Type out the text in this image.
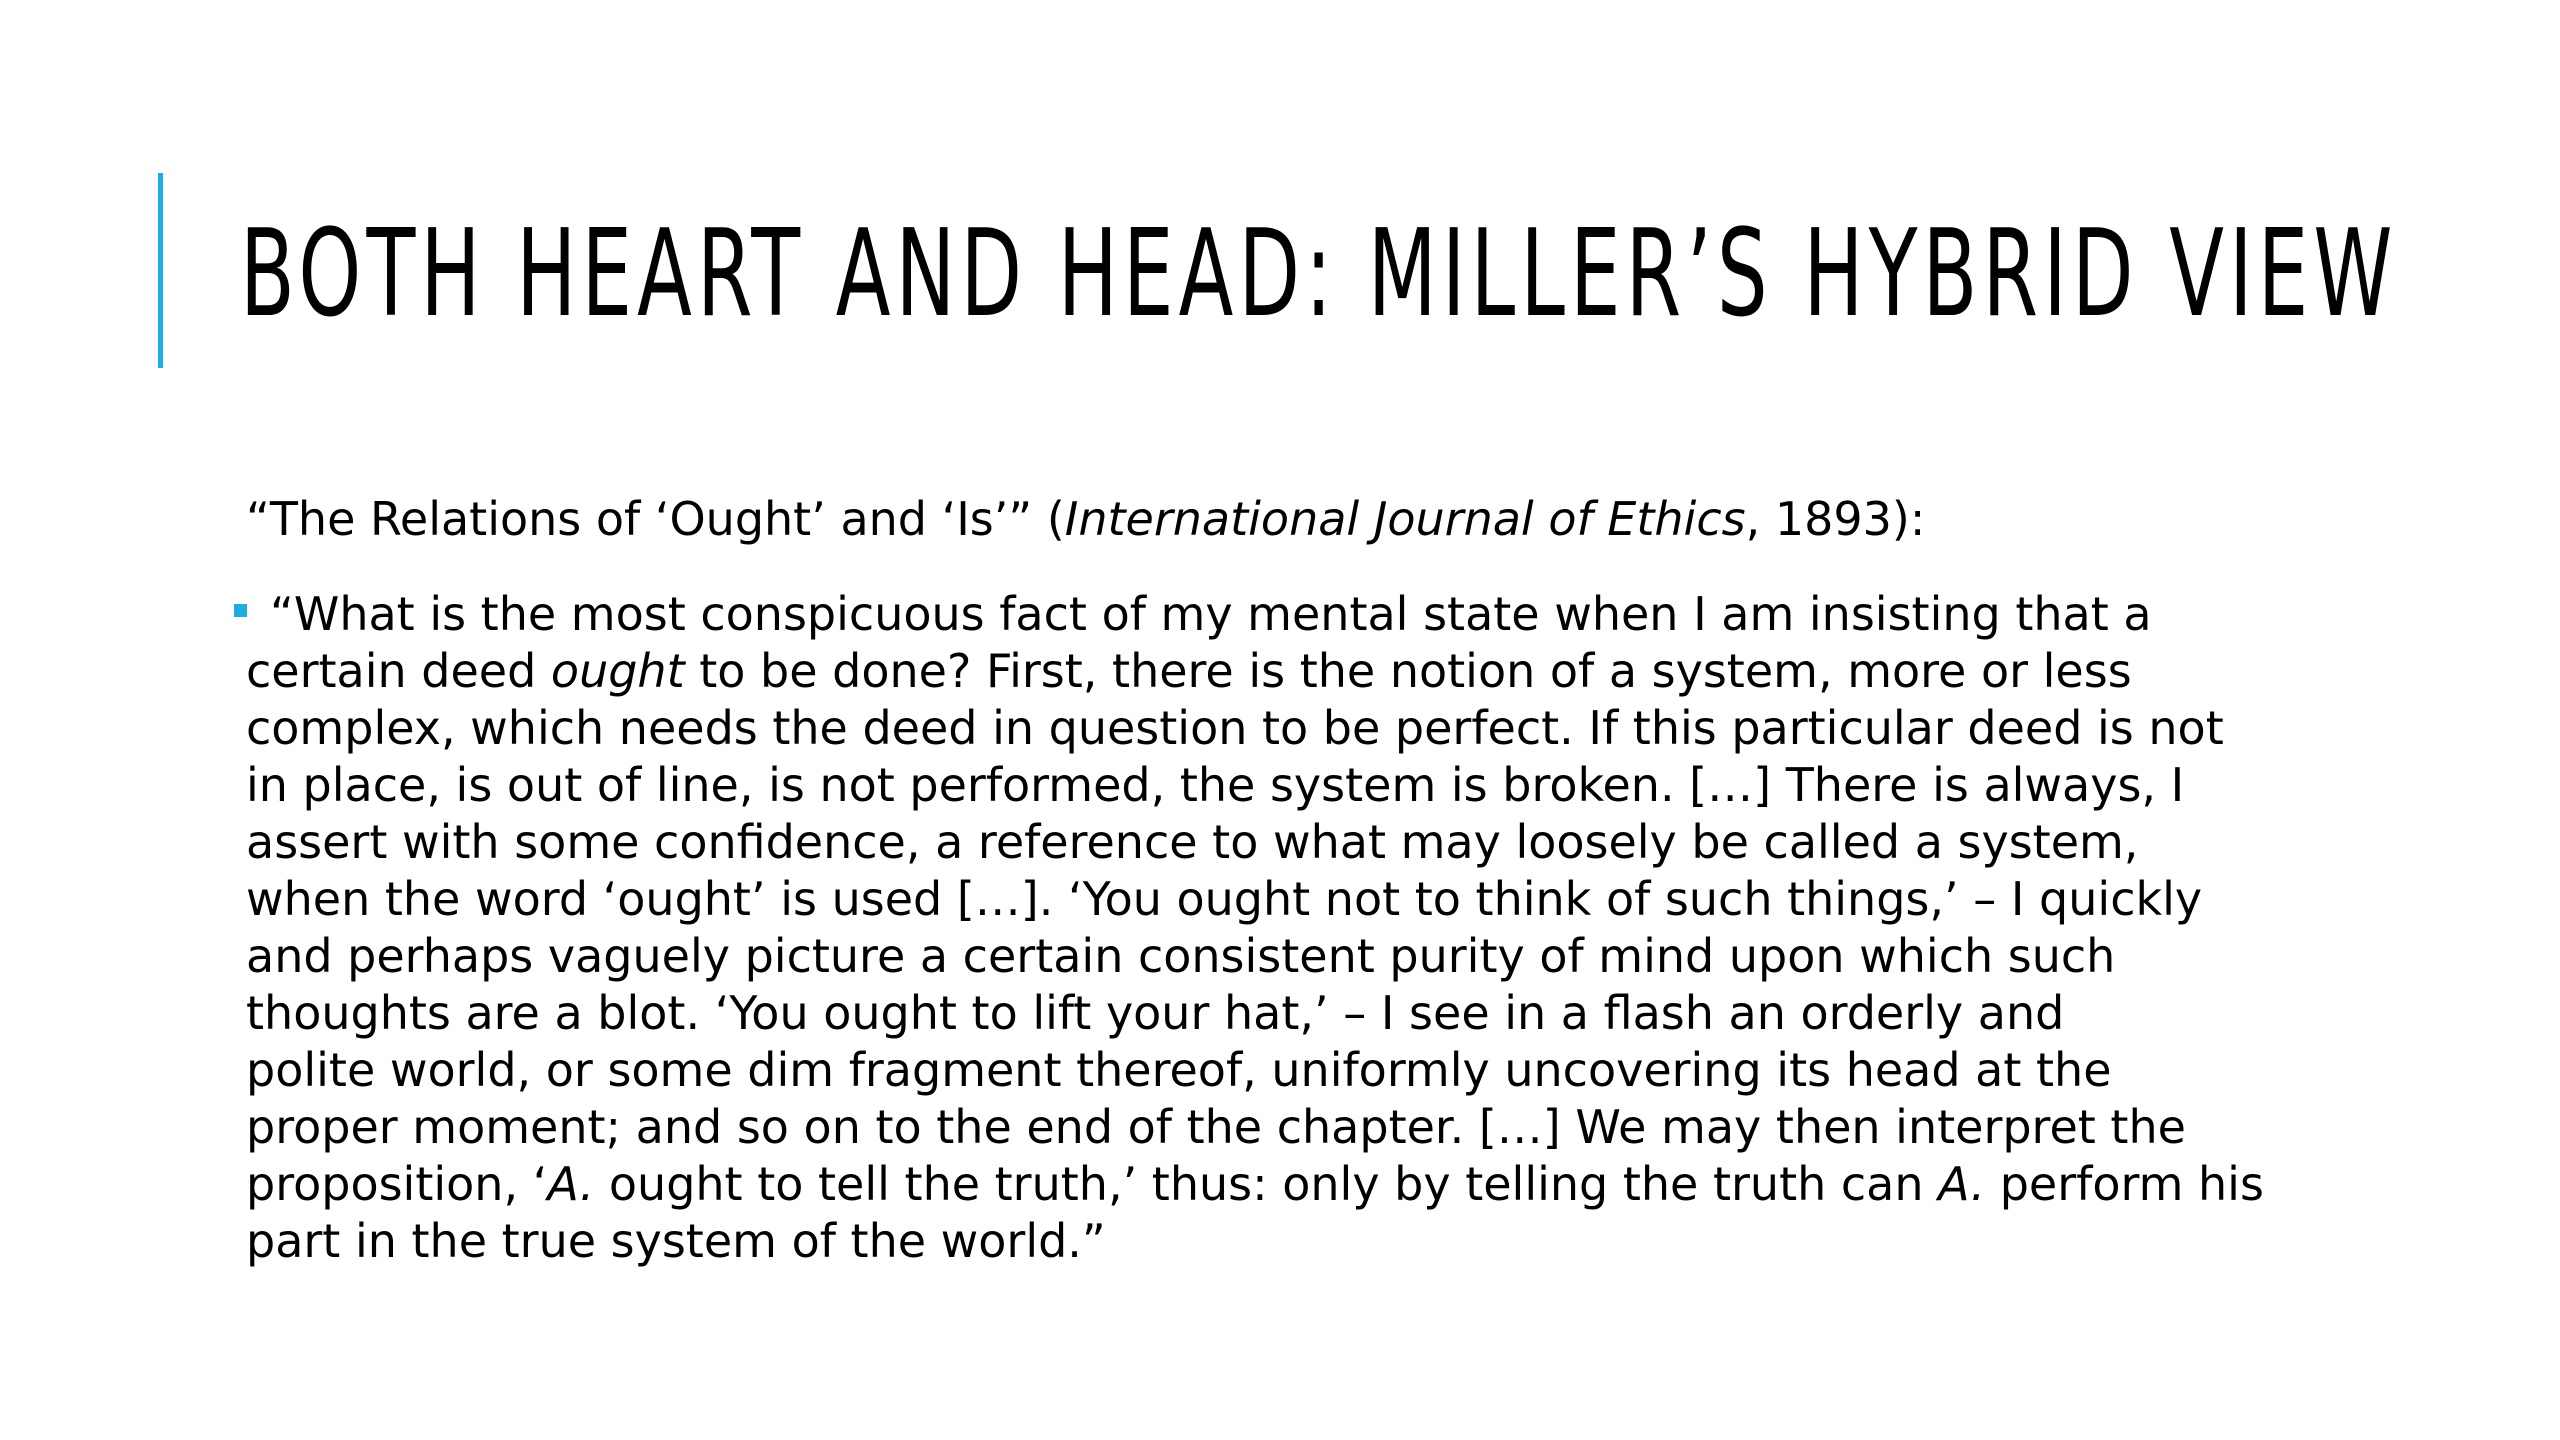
BOTH HEART AND HEAD: MILLER’S HYBRID VIEW
“The Relations of ‘Ought’ and ‘Is’” (International Journal of Ethics, 1893):
“What is the most conspicuous fact of my mental state when I am insisting that a
certain deed ought to be done? First, there is the notion of a system, more or less
complex, which needs the deed in question to be perfect. If this particular deed is not
in place, is out of line, is not performed, the system is broken. […] There is always, I
assert with some confidence, a reference to what may loosely be called a system,
when the word ‘ought’ is used […]. ‘You ought not to think of such things,’ – I quickly
and perhaps vaguely picture a certain consistent purity of mind upon which such
thoughts are a blot. ‘You ought to lift your hat,’ – I see in a flash an orderly and
polite world, or some dim fragment thereof, uniformly uncovering its head at the
proper moment; and so on to the end of the chapter. […] We may then interpret the
proposition, ‘A. ought to tell the truth,’ thus: only by telling the truth can A. perform his
part in the true system of the world.”
